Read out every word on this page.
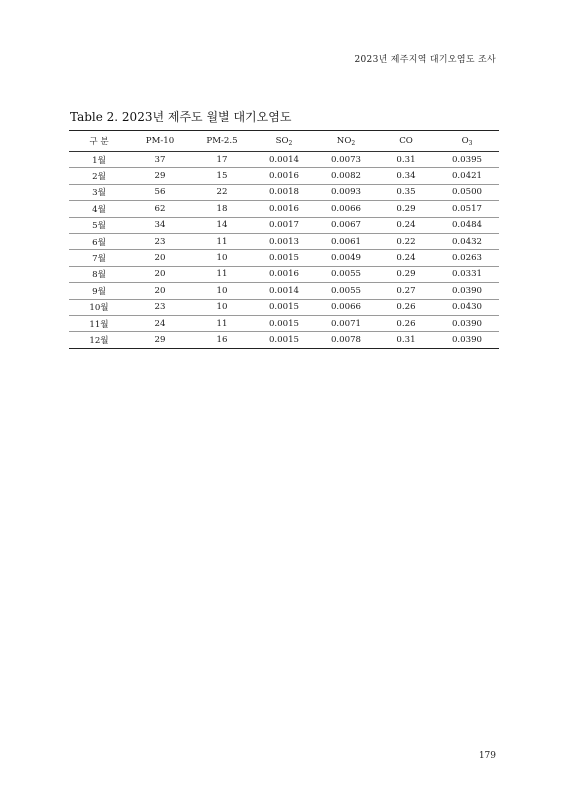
2023년 제주지역 대기오염도 조사
Table 2. 2023년 제주도 월별 대기오염도
구 분	PM-10	PM-2.5	$SO_2$	$NO_2$	CO	$O_3$
1월	37	17	0.0014	0.0073	0.31	0.0395
2월	29	15	0.0016	0.0082	0.34	0.0421
3월	56	22	0.0018	0.0093	0.35	0.0500
4월	62	18	0.0016	0.0066	0.29	0.0517
5월	34	14	0.0017	0.0067	0.24	0.0484
6월	23	11	0.0013	0.0061	0.22	0.0432
7월	20	10	0.0015	0.0049	0.24	0.0263
8월	20	11	0.0016	0.0055	0.29	0.0331
9월	20	10	0.0014	0.0055	0.27	0.0390
10월	23	10	0.0015	0.0066	0.26	0.0430
11월	24	11	0.0015	0.0071	0.26	0.0390
12월	29	16	0.0015	0.0078	0.31	0.0390
179
